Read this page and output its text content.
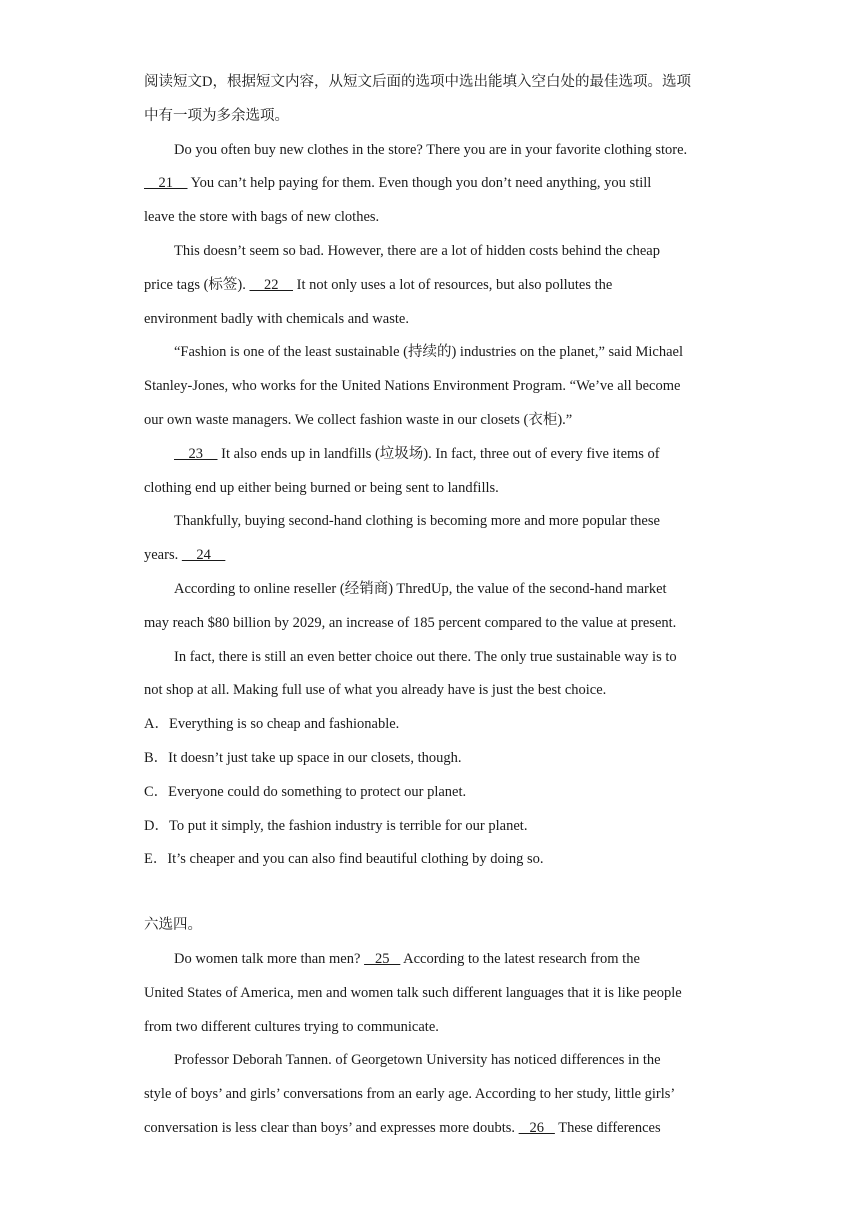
阅读短文D，根据短文内容，从短文后面的选项中选出能填入空白处的最佳选项。选项
中有一项为多余选项。
Do you often buy new clothes in the store? There you are in your favorite clothing store.
21     You can’t help paying for them. Even though you don’t need anything, you still
leave the store with bags of new clothes.
This doesn’t seem so bad. However, there are a lot of hidden costs behind the cheap
price tags (标签).     22     It not only uses a lot of resources, but also pollutes the
environment badly with chemicals and waste.
“Fashion is one of the least sustainable (持续的) industries on the planet,” said Michael
Stanley-Jones, who works for the United Nations Environment Program. “We’ve all become
our own waste managers. We collect fashion waste in our closets (衣柜).”
23     It also ends up in landfills (垃圾场). In fact, three out of every five items of
clothing end up either being burned or being sent to landfills.
Thankfully, buying second-hand clothing is becoming more and more popular these
years.     24
According to online reseller (经销商) ThredUp, the value of the second-hand market
may reach $80 billion by 2029, an increase of 185 percent compared to the value at present.
In fact, there is still an even better choice out there. The only true sustainable way is to
not shop at all. Making full use of what you already have is just the best choice.
A．Everything is so cheap and fashionable.
B．It doesn’t just take up space in our closets, though.
C．Everyone could do something to protect our planet.
D．To put it simply, the fashion industry is terrible for our planet.
E．It’s cheaper and you can also find beautiful clothing by doing so.
六选四。
Do women talk more than men?    25    According to the latest research from the
United States of America, men and women talk such different languages that it is like people
from two different cultures trying to communicate.
Professor Deborah Tannen. of Georgetown University has noticed differences in the
style of boys’ and girls’ conversations from an early age. According to her study, little girls’
conversation is less clear than boys’ and expresses more doubts.    26    These differences
